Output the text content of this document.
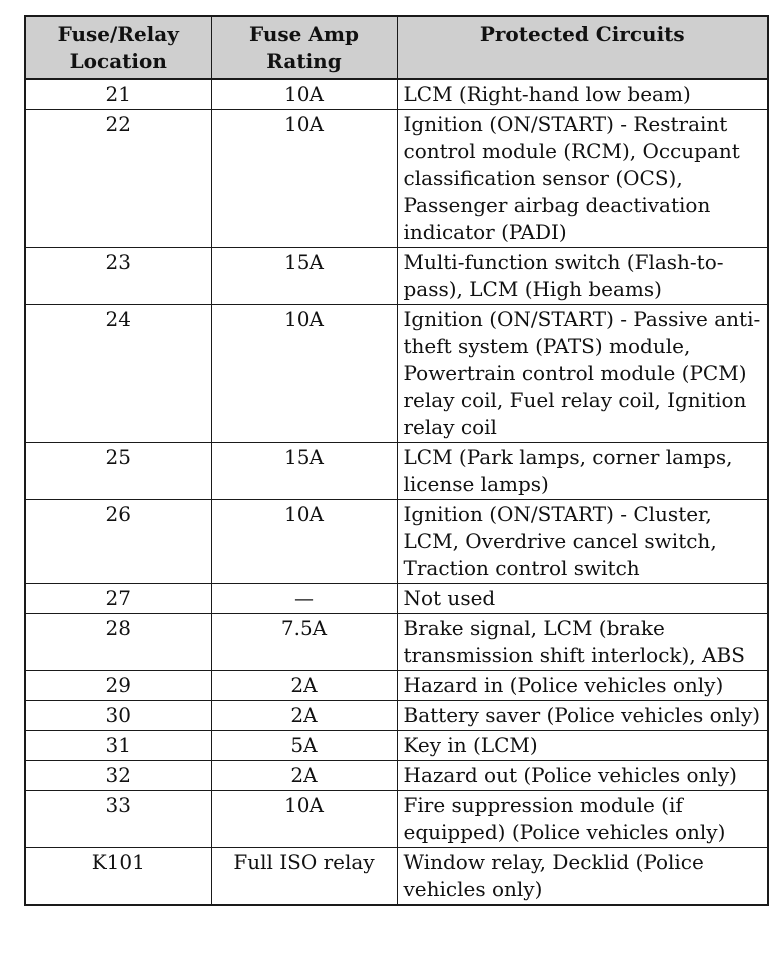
Fuse/Relay Location	Fuse Amp Rating	Protected Circuits
21	10A	LCM (Right-hand low beam)
22	10A	Ignition (ON/START) - Restraint control module (RCM), Occupant classification sensor (OCS), Passenger airbag deactivation indicator (PADI)
23	15A	Multi-function switch (Flash-to-pass), LCM (High beams)
24	10A	Ignition (ON/START) - Passive anti-theft system (PATS) module, Powertrain control module (PCM) relay coil, Fuel relay coil, Ignition relay coil
25	15A	LCM (Park lamps, corner lamps, license lamps)
26	10A	Ignition (ON/START) - Cluster, LCM, Overdrive cancel switch, Traction control switch
27	—	Not used
28	7.5A	Brake signal, LCM (brake transmission shift interlock), ABS
29	2A	Hazard in (Police vehicles only)
30	2A	Battery saver (Police vehicles only)
31	5A	Key in (LCM)
32	2A	Hazard out (Police vehicles only)
33	10A	Fire suppression module (if equipped) (Police vehicles only)
K101	Full ISO relay	Window relay, Decklid (Police vehicles only)
